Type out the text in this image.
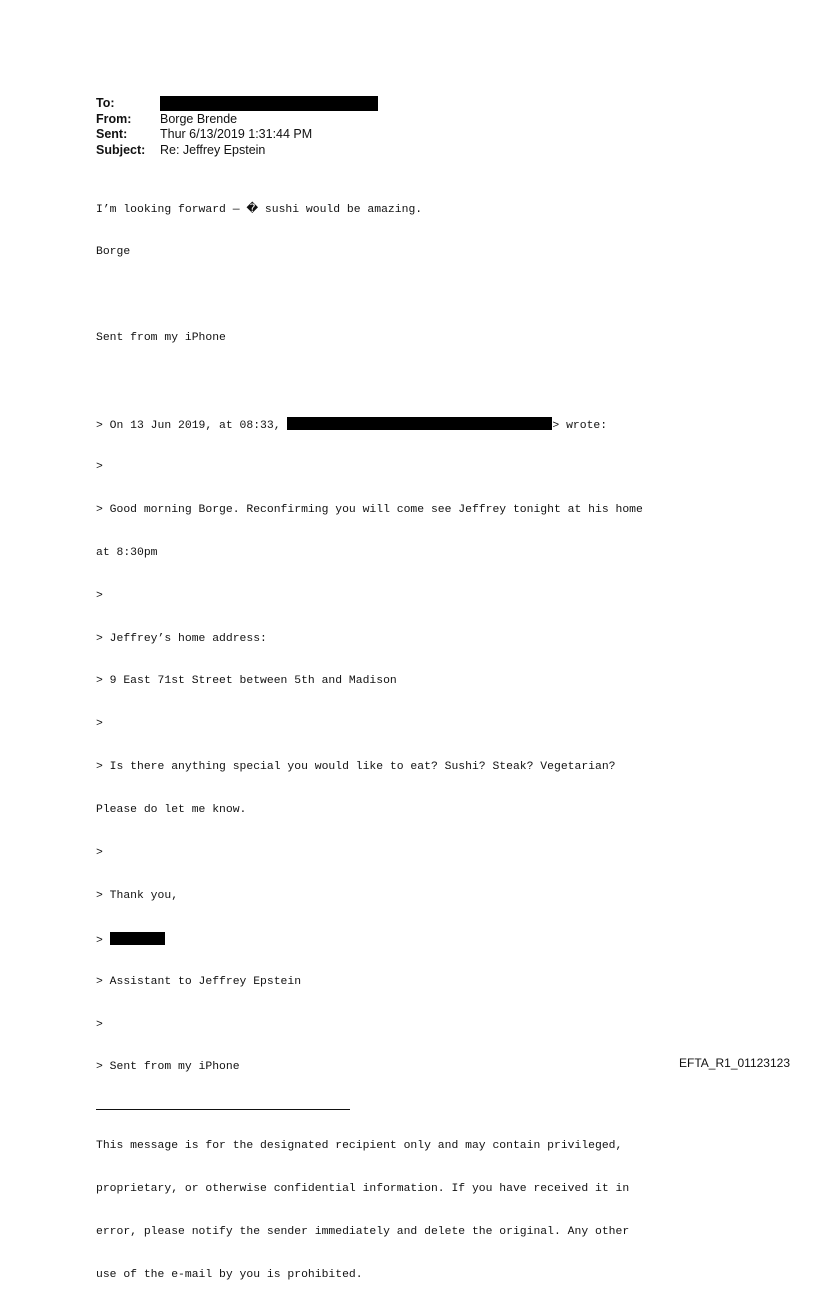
To:
From:	Borge Brende
Sent:	Thur 6/13/2019 1:31:44 PM
Subject:	Re: Jeffrey Epstein

I’m looking forward — � sushi would be amazing.

Borge

Sent from my iPhone

> On 13 Jun 2019, at 08:33,	> wrote:

>

> Good morning Borge. Reconfirming you will come see Jeffrey tonight at his home

at 8:30pm

>

> Jeffrey’s home address:

> 9 East 71st Street between 5th and Madison

>

> Is there anything special you would like to eat? Sushi? Steak? Vegetarian?

Please do let me know.

>

> Thank you,

>

> Assistant to Jeffrey Epstein

>

> Sent from my iPhone

This message is for the designated recipient only and may contain privileged,

proprietary, or otherwise confidential information. If you have received it in

error, please notify the sender immediately and delete the original. Any other

use of the e-mail by you is prohibited.

EFTA_R1_01123123
